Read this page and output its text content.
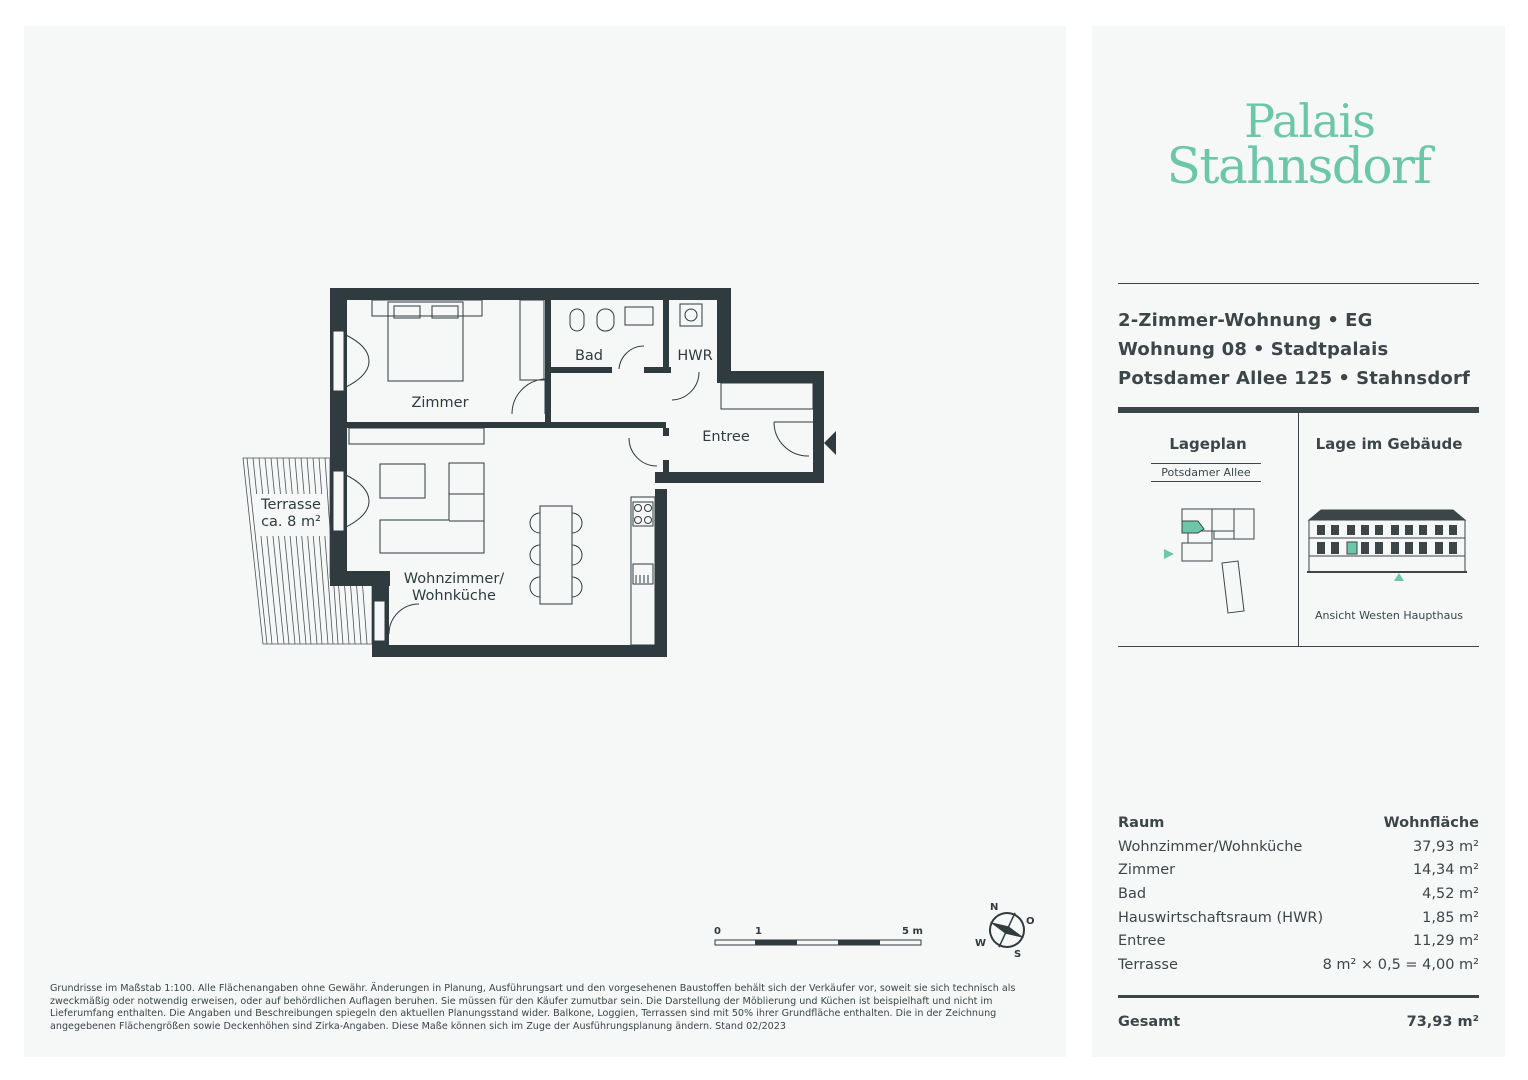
Bad	HWR
Zimmer
Entree
Terrasse
ca. 8 m²
Wohnzimmer/
Wohnküche
0	1	5 m
N
O
S
W
Grundrisse im Maßstab 1:100. Alle Flächenangaben ohne Gewähr. Änderungen in Planung, Ausführungsart und den vorgesehenen Baustoffen behält sich der Verkäufer vor, soweit sie sich technisch als zweckmäßig oder notwendig erweisen, oder auf behördlichen Auflagen beruhen. Sie müssen für den Käufer zumutbar sein. Die Darstellung der Möblierung und Küchen ist beispielhaft und nicht im Lieferumfang enthalten. Die Angaben und Beschreibungen spiegeln den aktuellen Planungsstand wider. Balkone, Loggien, Terrassen sind mit 50% ihrer Grundfläche enthalten. Die in der Zeichnung angegebenen Flächengrößen sowie Deckenhöhen sind Zirka-Angaben. Diese Maße können sich im Zuge der Ausführungsplanung ändern. Stand 02/2023
Palais
Stahnsdorf
2-Zimmer-Wohnung • EG
Wohnung 08 • Stadtpalais
Potsdamer Allee 125 • Stahnsdorf
Lageplan
Potsdamer Allee
Lage im Gebäude
Ansicht Westen Haupthaus
Raum	Wohnfläche
Wohnzimmer/Wohnküche	37,93 m²
Zimmer	14,34 m²
Bad	4,52 m²
Hauswirtschaftsraum (HWR)	1,85 m²
Entree	11,29 m²
Terrasse	8 m² × 0,5 = 4,00 m²
Gesamt	73,93 m²
